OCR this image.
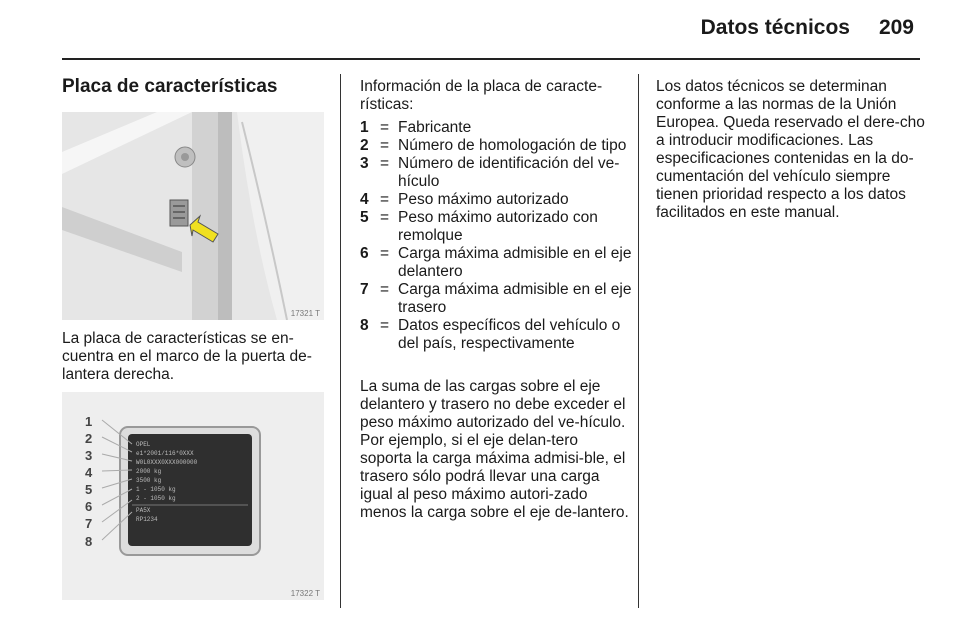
Datos técnicos 209
Placa de características
17321 T
La placa de características se en-cuentra en el marco de la puerta de-lantera derecha.
OPEL
e1*2001/116*0XXX
W0L0XXX0XXX000000
2000 kg
3500 kg
1 - 1050 kg
2 - 1050 kg
PA5X
RP1234
1
2
3
4
5
6
7
8
17322 T
Información de la placa de caracte-rísticas:
1 = Fabricante
2 = Número de homologación de tipo
3 = Número de identificación del ve-hículo
4 = Peso máximo autorizado
5 = Peso máximo autorizado con remolque
6 = Carga máxima admisible en el eje delantero
7 = Carga máxima admisible en el eje trasero
8 = Datos específicos del vehículo o del país, respectivamente
La suma de las cargas sobre el eje delantero y trasero no debe exceder el peso máximo autorizado del ve-hículo. Por ejemplo, si el eje delan-tero soporta la carga máxima admisi-ble, el trasero sólo podrá llevar una carga igual al peso máximo autori-zado menos la carga sobre el eje de-lantero.
Los datos técnicos se determinan conforme a las normas de la Unión Europea. Queda reservado el dere-cho a introducir modificaciones. Las especificaciones contenidas en la do-cumentación del vehículo siempre tienen prioridad respecto a los datos facilitados en este manual.
